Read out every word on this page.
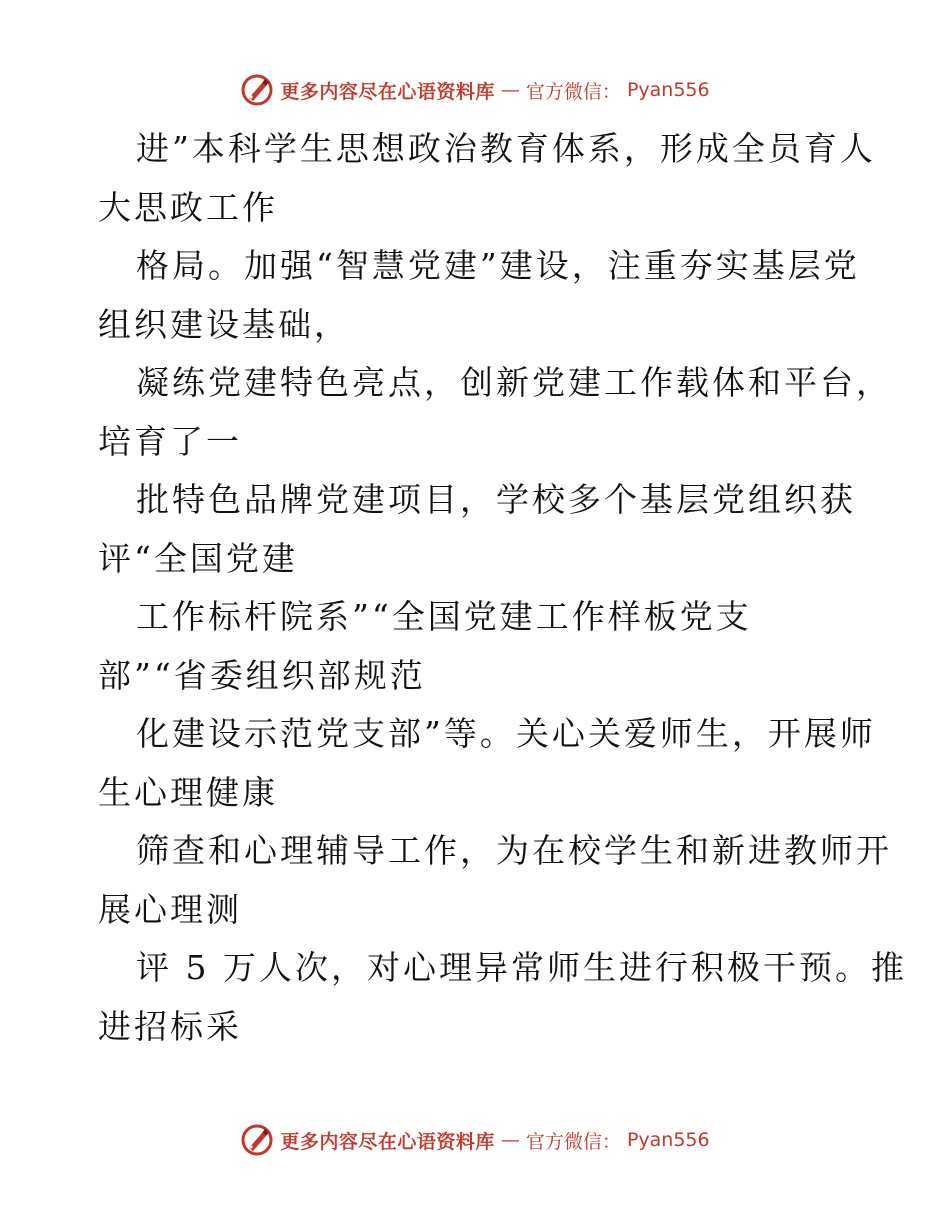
更多内容尽在心语资料库 — 官方微信： Pyan556

进”本科学生思想政治教育体系，形成全员育人
大思政工作

格局。加强“智慧党建”建设，注重夯实基层党
组织建设基础，

凝练党建特色亮点，创新党建工作载体和平台，
培育了一

批特色品牌党建项目，学校多个基层党组织获
评“全国党建

工作标杆院系”“全国党建工作样板党支
部”“省委组织部规范

化建设示范党支部”等。关心关爱师生，开展师
生心理健康

筛查和心理辅导工作，为在校学生和新进教师开
展心理测

评 5 万人次，对心理异常师生进行积极干预。推
进招标采

更多内容尽在心语资料库 — 官方微信： Pyan556
